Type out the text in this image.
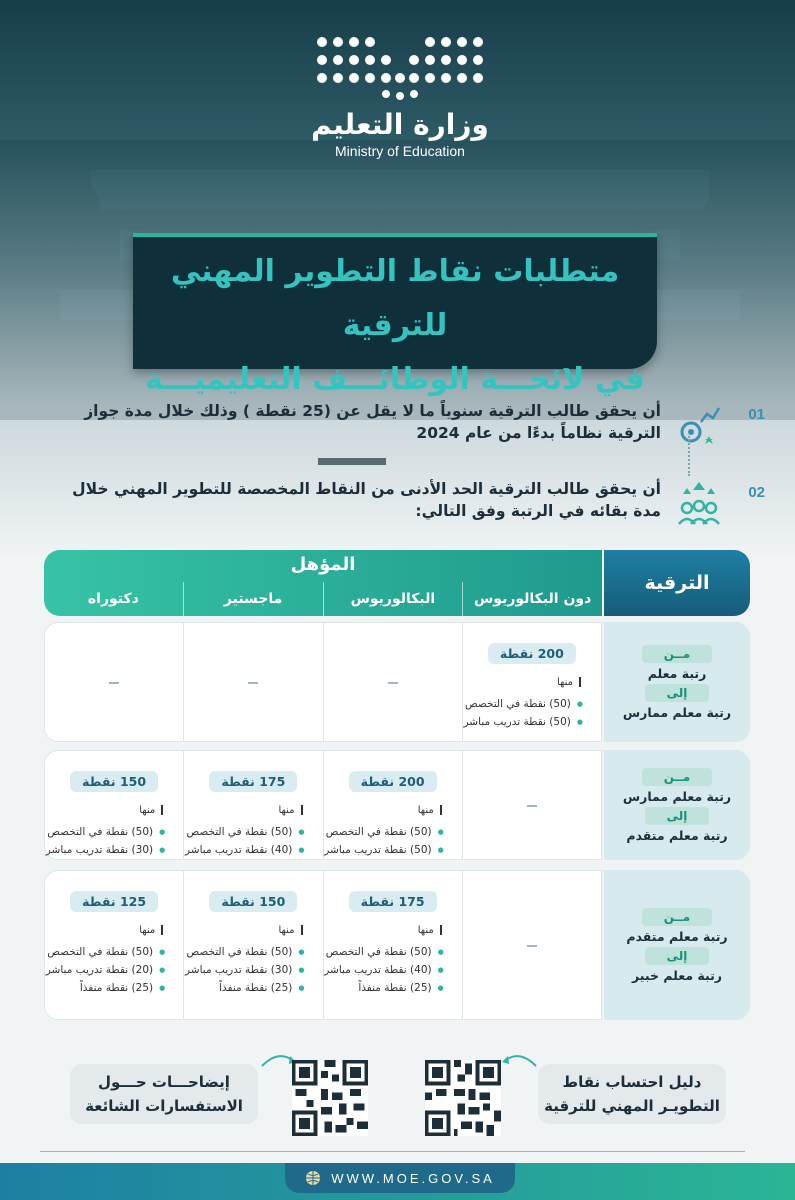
وزارة التعليم
Ministry of Education
متطلبات نقاط التطوير المهني للترقية
في لائحـــة الوظائـــف التعليميـــة
01
أن يحقق طالب الترقية سنوياً ما لا يقل عن (25 نقطة ) وذلك خلال مدة جواز الترقية نظاماً بدءًا من عام 2024
02
أن يحقق طالب الترقية الحد الأدنى من النقاط المخصصة للتطوير المهني خلال مدة بقائه في الرتبة وفق التالي:
الترقية
المؤهل
دون البكالوريوس
البكالوريوس
ماجستير
دكتوراه
مــن
رتبة معلم
إلى
رتبة معلم ممارس
200 نقطة
منها
● (50) نقطة في التخصص
● (50) نقطة تدريب مباشر
مــن
رتبة معلم ممارس
إلى
رتبة معلم متقدم
200 نقطة
منها
● (50) نقطة في التخصص
● (50) نقطة تدريب مباشر
175 نقطة
منها
● (50) نقطة في التخصص
● (40) نقطة تدريب مباشر
150 نقطة
منها
● (50) نقطة في التخصص
● (30) نقطة تدريب مباشر
مــن
رتبة معلم متقدم
إلى
رتبة معلم خبير
175 نقطة
منها
● (50) نقطة في التخصص
● (40) نقطة تدريب مباشر
● (25) نقطة منفذاً
150 نقطة
منها
● (50) نقطة في التخصص
● (30) نقطة تدريب مباشر
● (25) نقطة منفذاً
125 نقطة
منها
● (50) نقطة في التخصص
● (20) نقطة تدريب مباشر
● (25) نقطة منفذاً
دليل احتساب نقاط
التطويـر المهني للترقية
إيضاحـــات حـــول
الاستفسارات الشائعة
WWW.MOE.GOV.SA
